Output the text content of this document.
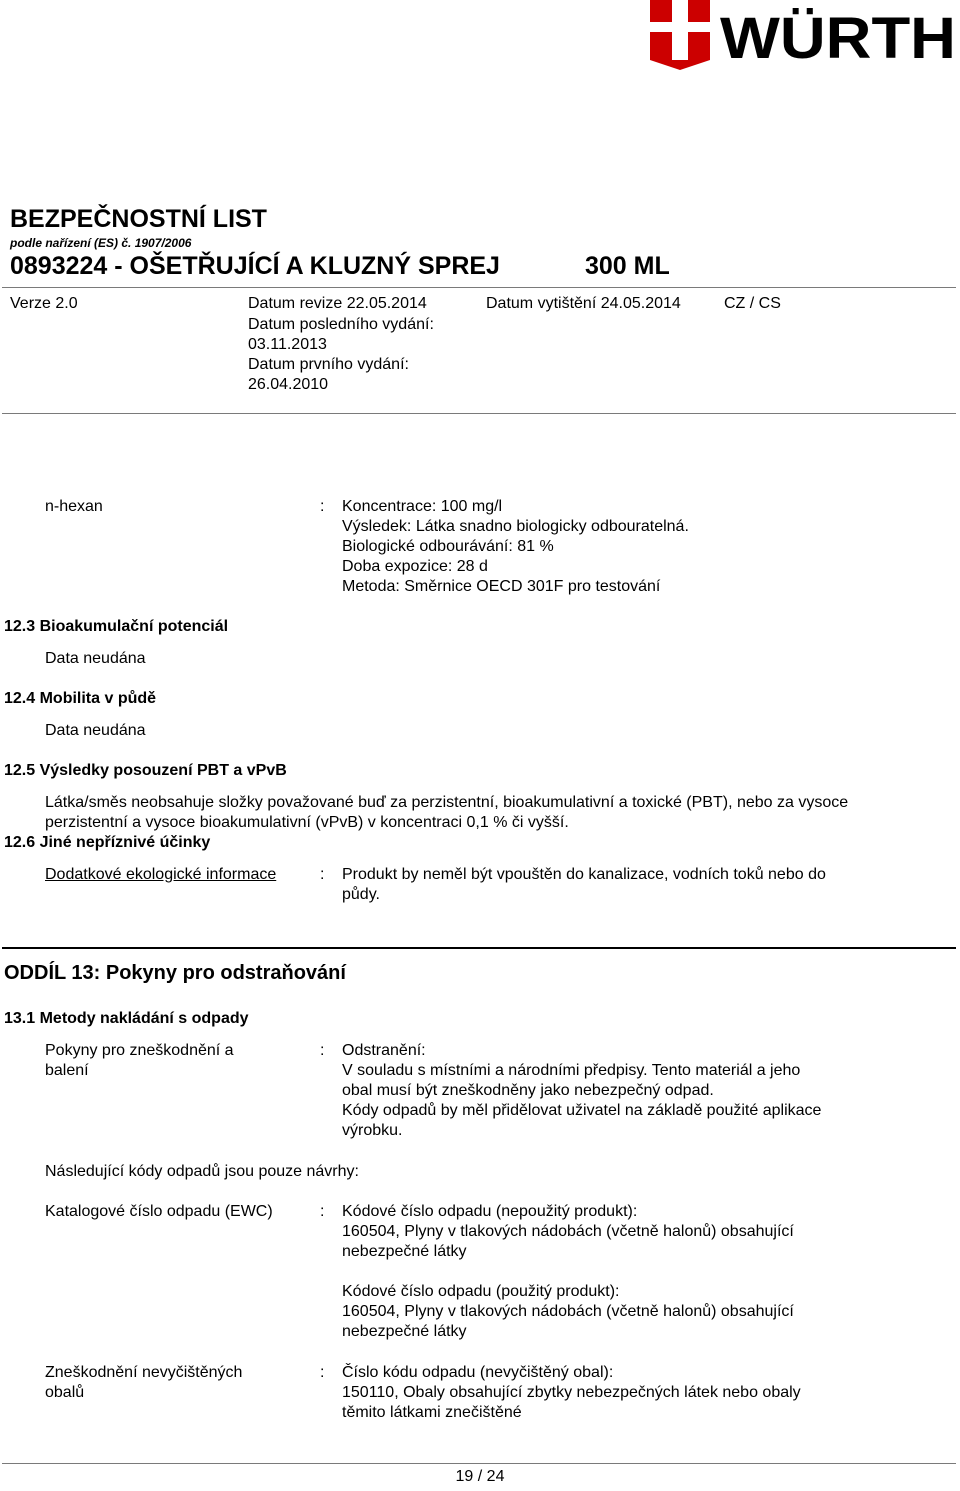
WÜRTH
BEZPEČNOSTNÍ LIST
podle nařízení (ES) č. 1907/2006
0893224 - OŠETŘUJÍCÍ A KLUZNÝ SPREJ	300 ML
Verze 2.0	Datum revize 22.05.2014
Datum posledního vydání:
03.11.2013
Datum prvního vydání:
26.04.2010
Datum vytištění 24.05.2014	CZ / CS
n-hexan	: Koncentrace: 100 mg/l
Výsledek: Látka snadno biologicky odbouratelná.
Biologické odbourávání: 81 %
Doba expozice: 28 d
Metoda: Směrnice OECD 301F pro testování
12.3 Bioakumulační potenciál
Data neudána
12.4 Mobilita v půdě
Data neudána
12.5 Výsledky posouzení PBT a vPvB
Látka/směs neobsahuje složky považované buď za perzistentní, bioakumulativní a toxické (PBT), nebo za vysoce
perzistentní a vysoce bioakumulativní (vPvB) v koncentraci 0,1 % či vyšší.
12.6 Jiné nepříznivé účinky
Dodatkové ekologické informace	: Produkt by neměl být vpouštěn do kanalizace, vodních toků nebo do
půdy.
ODDÍL 13: Pokyny pro odstraňování
13.1 Metody nakládání s odpady
Pokyny pro zneškodnění a
balení
: Odstranění:
V souladu s místními a národními předpisy. Tento materiál a jeho
obal musí být zneškodněny jako nebezpečný odpad.
Kódy odpadů by měl přidělovat uživatel na základě použité aplikace
výrobku.
Následující kódy odpadů jsou pouze návrhy:
Katalogové číslo odpadu (EWC)	: Kódové číslo odpadu (nepoužitý produkt):
160504, Plyny v tlakových nádobách (včetně halonů) obsahující
nebezpečné látky
Kódové číslo odpadu (použitý produkt):
160504, Plyny v tlakových nádobách (včetně halonů) obsahující
nebezpečné látky
Zneškodnění nevyčištěných
obalů
: Číslo kódu odpadu (nevyčištěný obal):
150110, Obaly obsahující zbytky nebezpečných látek nebo obaly
těmito látkami znečištěné
19 / 24
